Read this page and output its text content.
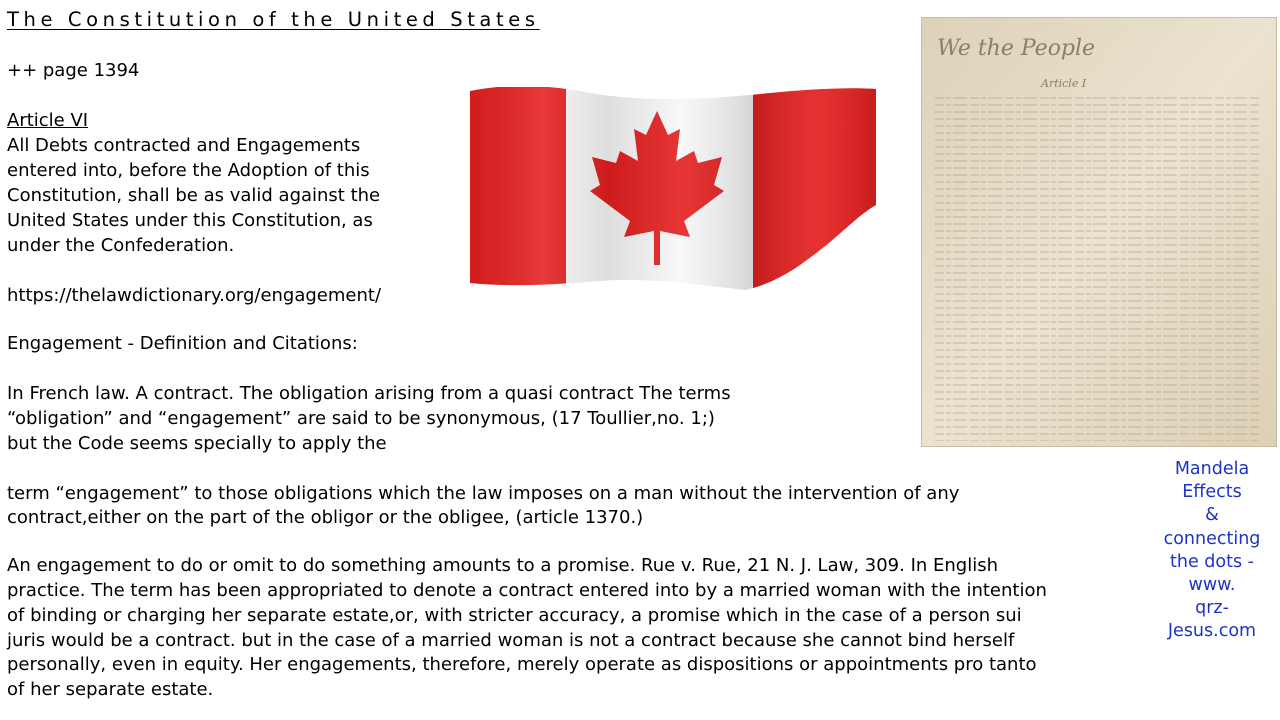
The Constitution of the United States

++ page 1394

Article VI

All Debts contracted and Engagements

entered into, before the Adoption of this

Constitution, shall be as valid against the

United States under this Constitution, as

under the Confederation.

https://thelawdictionary.org/engagement/

Engagement - Definition and Citations:

In French law. A contract. The obligation arising from a quasi contract The terms

“obligation” and “engagement” are said to be synonymous, (17 Toullier,no. 1;)

but the Code seems specially to apply the

term “engagement” to those obligations which the law imposes on a man without the intervention of any

contract,either on the part of the obligor or the obligee, (article 1370.)

An engagement to do or omit to do something amounts to a promise. Rue v. Rue, 21 N. J. Law, 309. In English

practice. The term has been appropriated to denote a contract entered into by a married woman with the intention

of binding or charging her separate estate,or, with stricter accuracy, a promise which in the case of a person sui

juris would be a contract. but in the case of a married woman is not a contract because she cannot bind herself

personally, even in equity. Her engagements, therefore, merely operate as dispositions or appointments pro tanto

of her separate estate.

We the People
Article I
Mandela
Effects
&
connecting
the dots -
www.
qrz-
Jesus.com
